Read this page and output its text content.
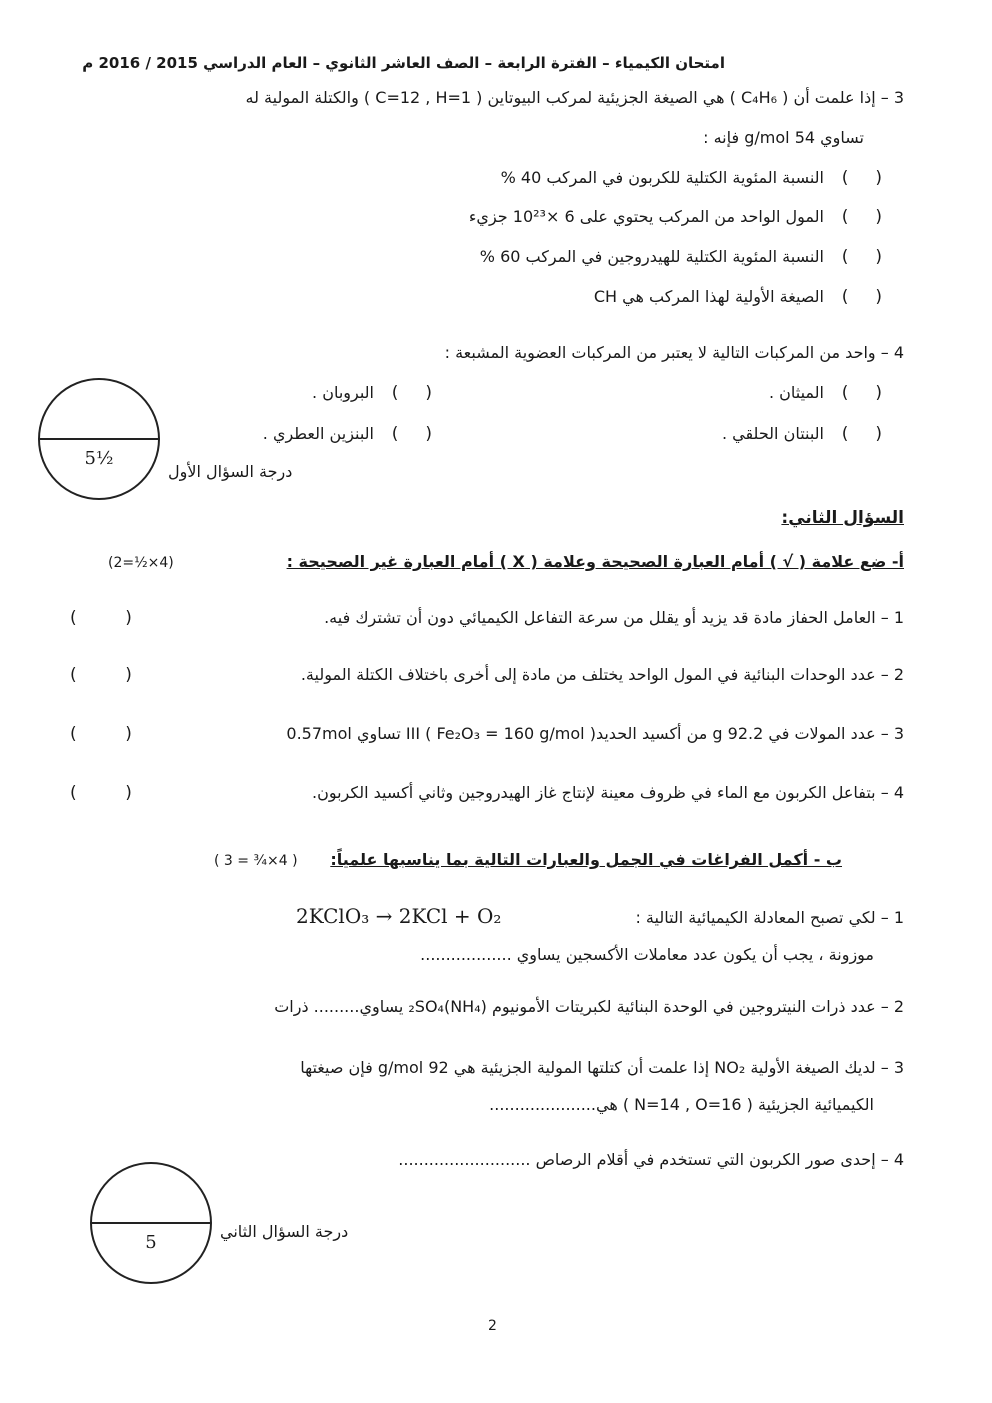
امتحان الكيمياء – الفترة الرابعة – الصف العاشر الثانوي – العام الدراسي 2015 / 2016 م
3 – إذا علمت أن ( C₄H₆ ) هي الصيغة الجزيئية لمركب البيوتاين ( C=12 , H=1 ) والكتلة المولية له
تساوي 54 g/mol فإنه :
(     )
النسبة المئوية الكتلية للكربون في المركب 40 %
(     )
المول الواحد من المركب يحتوي على 6 ×10²³ جزيء
(     )
النسبة المئوية الكتلية للهيدروجين في المركب 60 %
(     )
الصيغة الأولية لهذا المركب هي CH
4 – واحد من المركبات التالية لا يعتبر من المركبات العضوية المشبعة :
(     )
الميثان .
(     )
البروبان .
(     )
البنتان الحلقي .
(     )
البنزين العطري .
5½
درجة السؤال الأول
السؤال الثاني:
أ- ضع علامة ( √ ) أمام العبارة الصحيحة وعلامة ( X ) أمام العبارة غير الصحيحة :
(2=½×4)
1 – العامل الحفاز مادة قد يزيد أو يقلل من سرعة التفاعل الكيميائي دون أن تشترك فيه.
(         )
2 – عدد الوحدات البنائية في المول الواحد يختلف من مادة إلى أخرى باختلاف الكتلة المولية.
(         )
3 – عدد المولات في 92.2 g من أكسيد الحديدIII ( Fe₂O₃ = 160 g/mol ) تساوي 0.57mol
(         )
4 – بتفاعل الكربون مع الماء في ظروف معينة لإنتاج غاز الهيدروجين وثاني أكسيد الكربون.
(         )
ب - أكمل الفراغات في الجمل والعبارات التالية بما يناسبها علمياً:
( 3 = ¾×4 )
1 – لكي تصبح المعادلة الكيميائية التالية :
2KClO₃ → 2KCl + O₂
موزونة ، يجب أن يكون عدد معاملات الأكسجين يساوي ..................
2 – عدد ذرات النيتروجين في الوحدة البنائية لكبريتات الأمونيوم (NH₄)₂SO₄ يساوي......... ذرات
3 – لديك الصيغة الأولية NO₂ إذا علمت أن كتلتها المولية الجزيئية هي 92 g/mol فإن صيغتها
الكيميائية الجزيئية ( N=14 , O=16 ) هي.....................
4 – إحدى صور الكربون التي تستخدم في أقلام الرصاص ..........................
5
درجة السؤال الثاني
2
